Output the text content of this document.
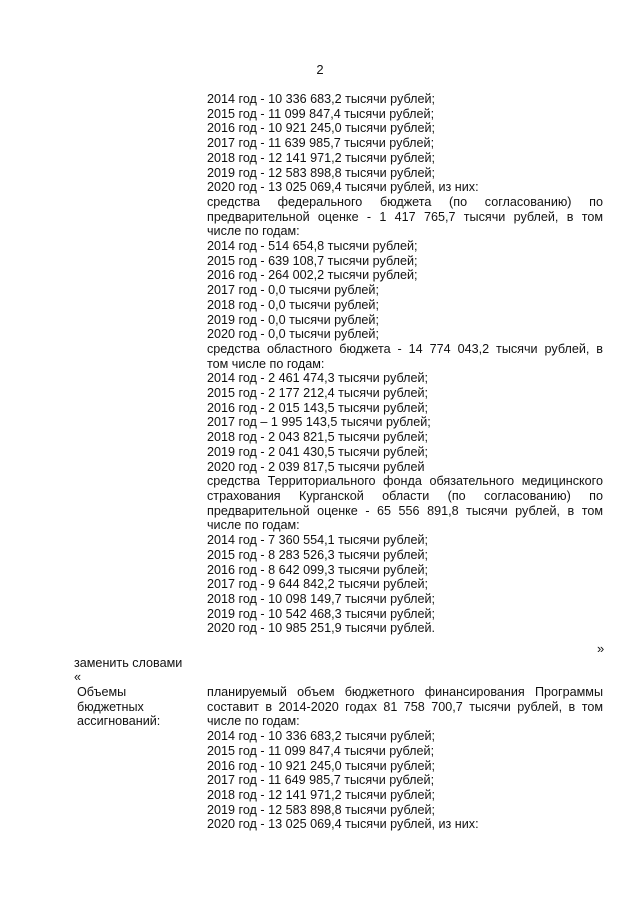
2
2014 год - 10 336 683,2 тысячи рублей;
2015 год - 11 099 847,4 тысячи рублей;
2016 год - 10 921 245,0 тысячи рублей;
2017 год - 11 639 985,7 тысячи рублей;
2018 год - 12 141 971,2 тысячи рублей;
2019 год - 12 583 898,8 тысячи рублей;
2020 год - 13 025 069,4 тысячи рублей, из них:
средства федерального бюджета (по согласованию) по
предварительной оценке - 1 417 765,7 тысячи рублей, в том
числе по годам:
2014 год - 514 654,8 тысячи рублей;
2015 год - 639 108,7 тысячи рублей;
2016 год - 264 002,2 тысячи рублей;
2017 год - 0,0 тысячи рублей;
2018 год - 0,0 тысячи рублей;
2019 год - 0,0 тысячи рублей;
2020 год - 0,0 тысячи рублей;
средства областного бюджета - 14 774 043,2 тысячи рублей, в
том числе по годам:
2014 год - 2 461 474,3 тысячи рублей;
2015 год - 2 177 212,4 тысячи рублей;
2016 год - 2 015 143,5 тысячи рублей;
2017 год – 1 995 143,5 тысячи рублей;
2018 год - 2 043 821,5 тысячи рублей;
2019 год - 2 041 430,5 тысячи рублей;
2020 год - 2 039 817,5 тысячи рублей
средства Территориального фонда обязательного медицинского
страхования Курганской области (по согласованию) по
предварительной оценке - 65 556 891,8 тысячи рублей, в том
числе по годам:
2014 год - 7 360 554,1 тысячи рублей;
2015 год - 8 283 526,3 тысячи рублей;
2016 год - 8 642 099,3 тысячи рублей;
2017 год - 9 644 842,2 тысячи рублей;
2018 год - 10 098 149,7 тысячи рублей;
2019 год - 10 542 468,3 тысячи рублей;
2020 год - 10 985 251,9 тысячи рублей.
»
заменить словами
«
Объемы
бюджетных
ассигнований:
планируемый объем бюджетного финансирования Программы
составит в 2014-2020 годах 81 758 700,7 тысячи рублей, в том
числе по годам:
2014 год - 10 336 683,2 тысячи рублей;
2015 год - 11 099 847,4 тысячи рублей;
2016 год - 10 921 245,0 тысячи рублей;
2017 год - 11 649 985,7 тысячи рублей;
2018 год - 12 141 971,2 тысячи рублей;
2019 год - 12 583 898,8 тысячи рублей;
2020 год - 13 025 069,4 тысячи рублей, из них:
